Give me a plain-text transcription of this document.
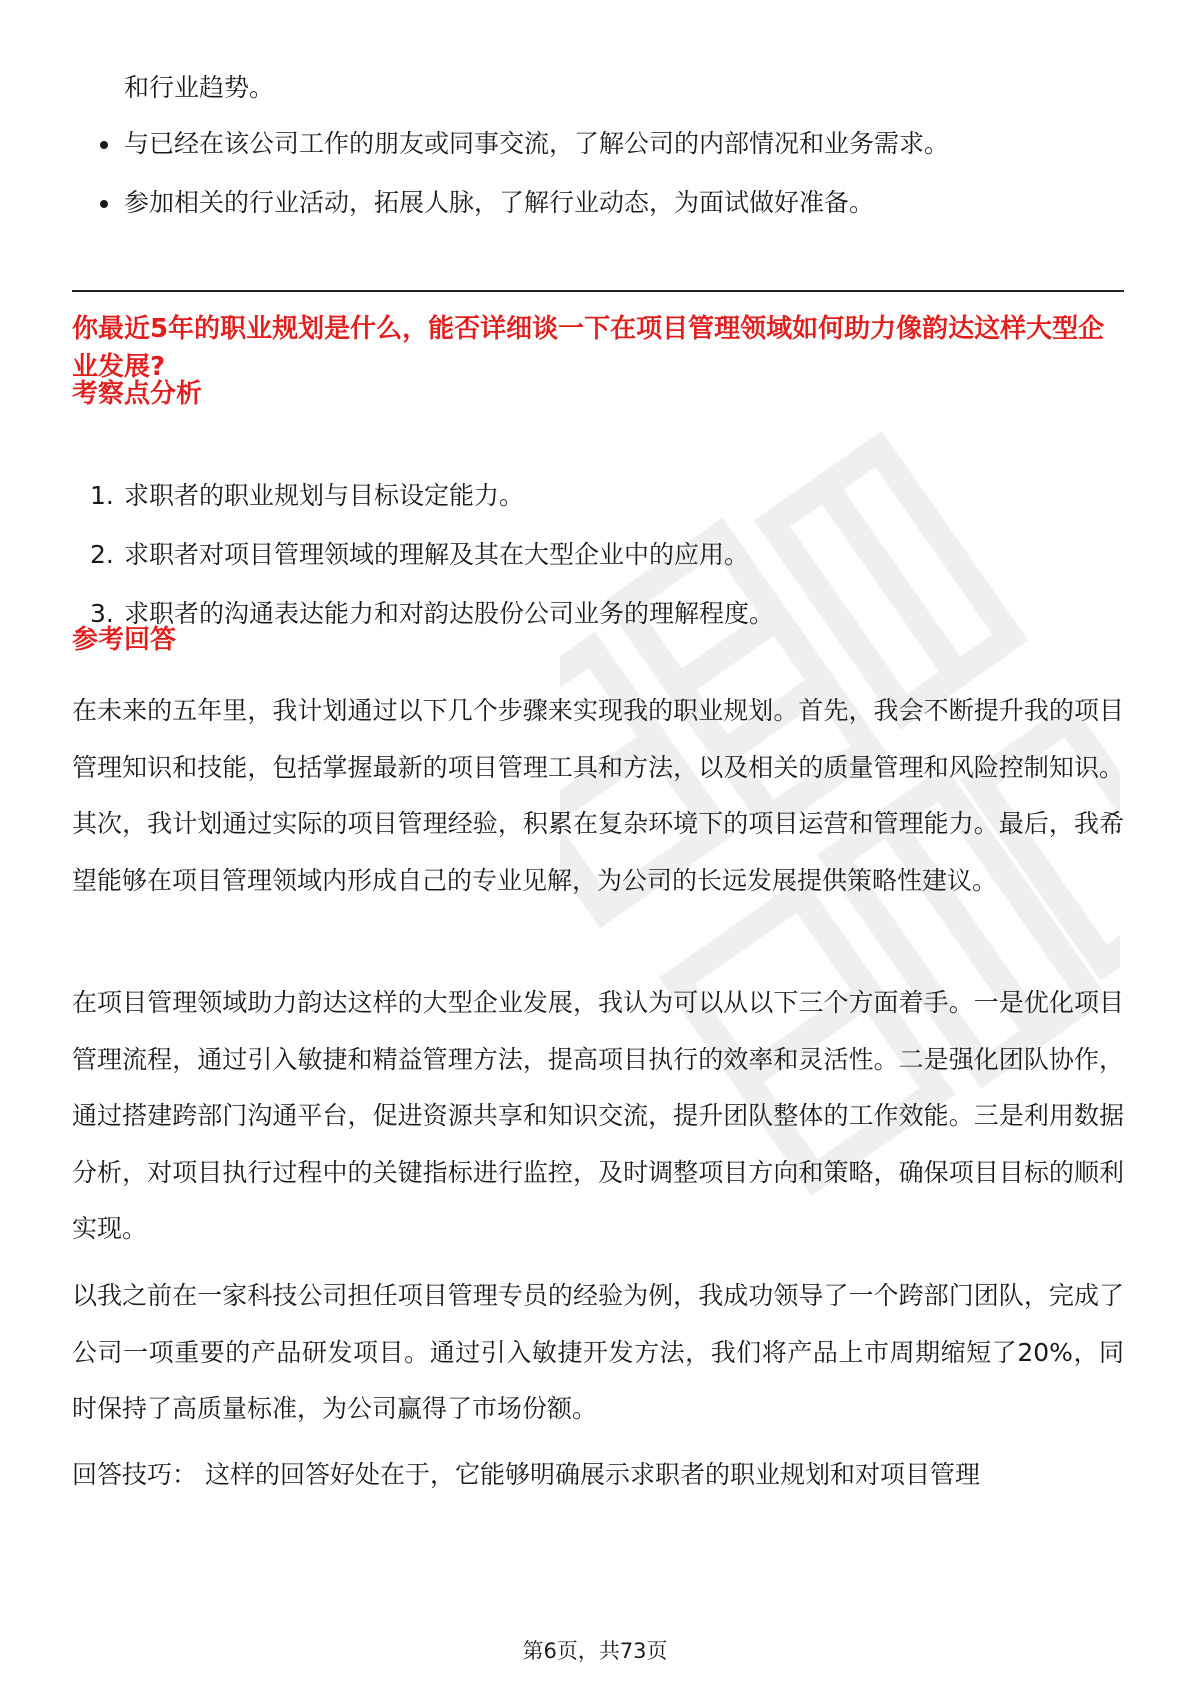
和行业趋势。
与已经在该公司工作的朋友或同事交流，了解公司的内部情况和业务需求。
参加相关的行业活动，拓展人脉，了解行业动态，为面试做好准备。

你最近5年的职业规划是什么，能否详细谈一下在项目管理领域如何助力像韵达这样大型企业发展?

考察点分析

1. 求职者的职业规划与目标设定能力。
2. 求职者对项目管理领域的理解及其在大型企业中的应用。
3. 求职者的沟通表达能力和对韵达股份公司业务的理解程度。

参考回答

在未来的五年里，我计划通过以下几个步骤来实现我的职业规划。首先，我会不断提升我的项目管理知识和技能，包括掌握最新的项目管理工具和方法，以及相关的质量管理和风险控制知识。其次，我计划通过实际的项目管理经验，积累在复杂环境下的项目运营和管理能力。最后，我希望能够在项目管理领域内形成自己的专业见解，为公司的长远发展提供策略性建议。

在项目管理领域助力韵达这样的大型企业发展，我认为可以从以下三个方面着手。一是优化项目管理流程，通过引入敏捷和精益管理方法，提高项目执行的效率和灵活性。二是强化团队协作，通过搭建跨部门沟通平台，促进资源共享和知识交流，提升团队整体的工作效能。三是利用数据分析，对项目执行过程中的关键指标进行监控，及时调整项目方向和策略，确保项目目标的顺利实现。

以我之前在一家科技公司担任项目管理专员的经验为例，我成功领导了一个跨部门团队，完成了公司一项重要的产品研发项目。通过引入敏捷开发方法，我们将产品上市周期缩短了20%，同时保持了高质量标准，为公司赢得了市场份额。

回答技巧： 这样的回答好处在于，它能够明确展示求职者的职业规划和对项目管理

第6页，共73页
